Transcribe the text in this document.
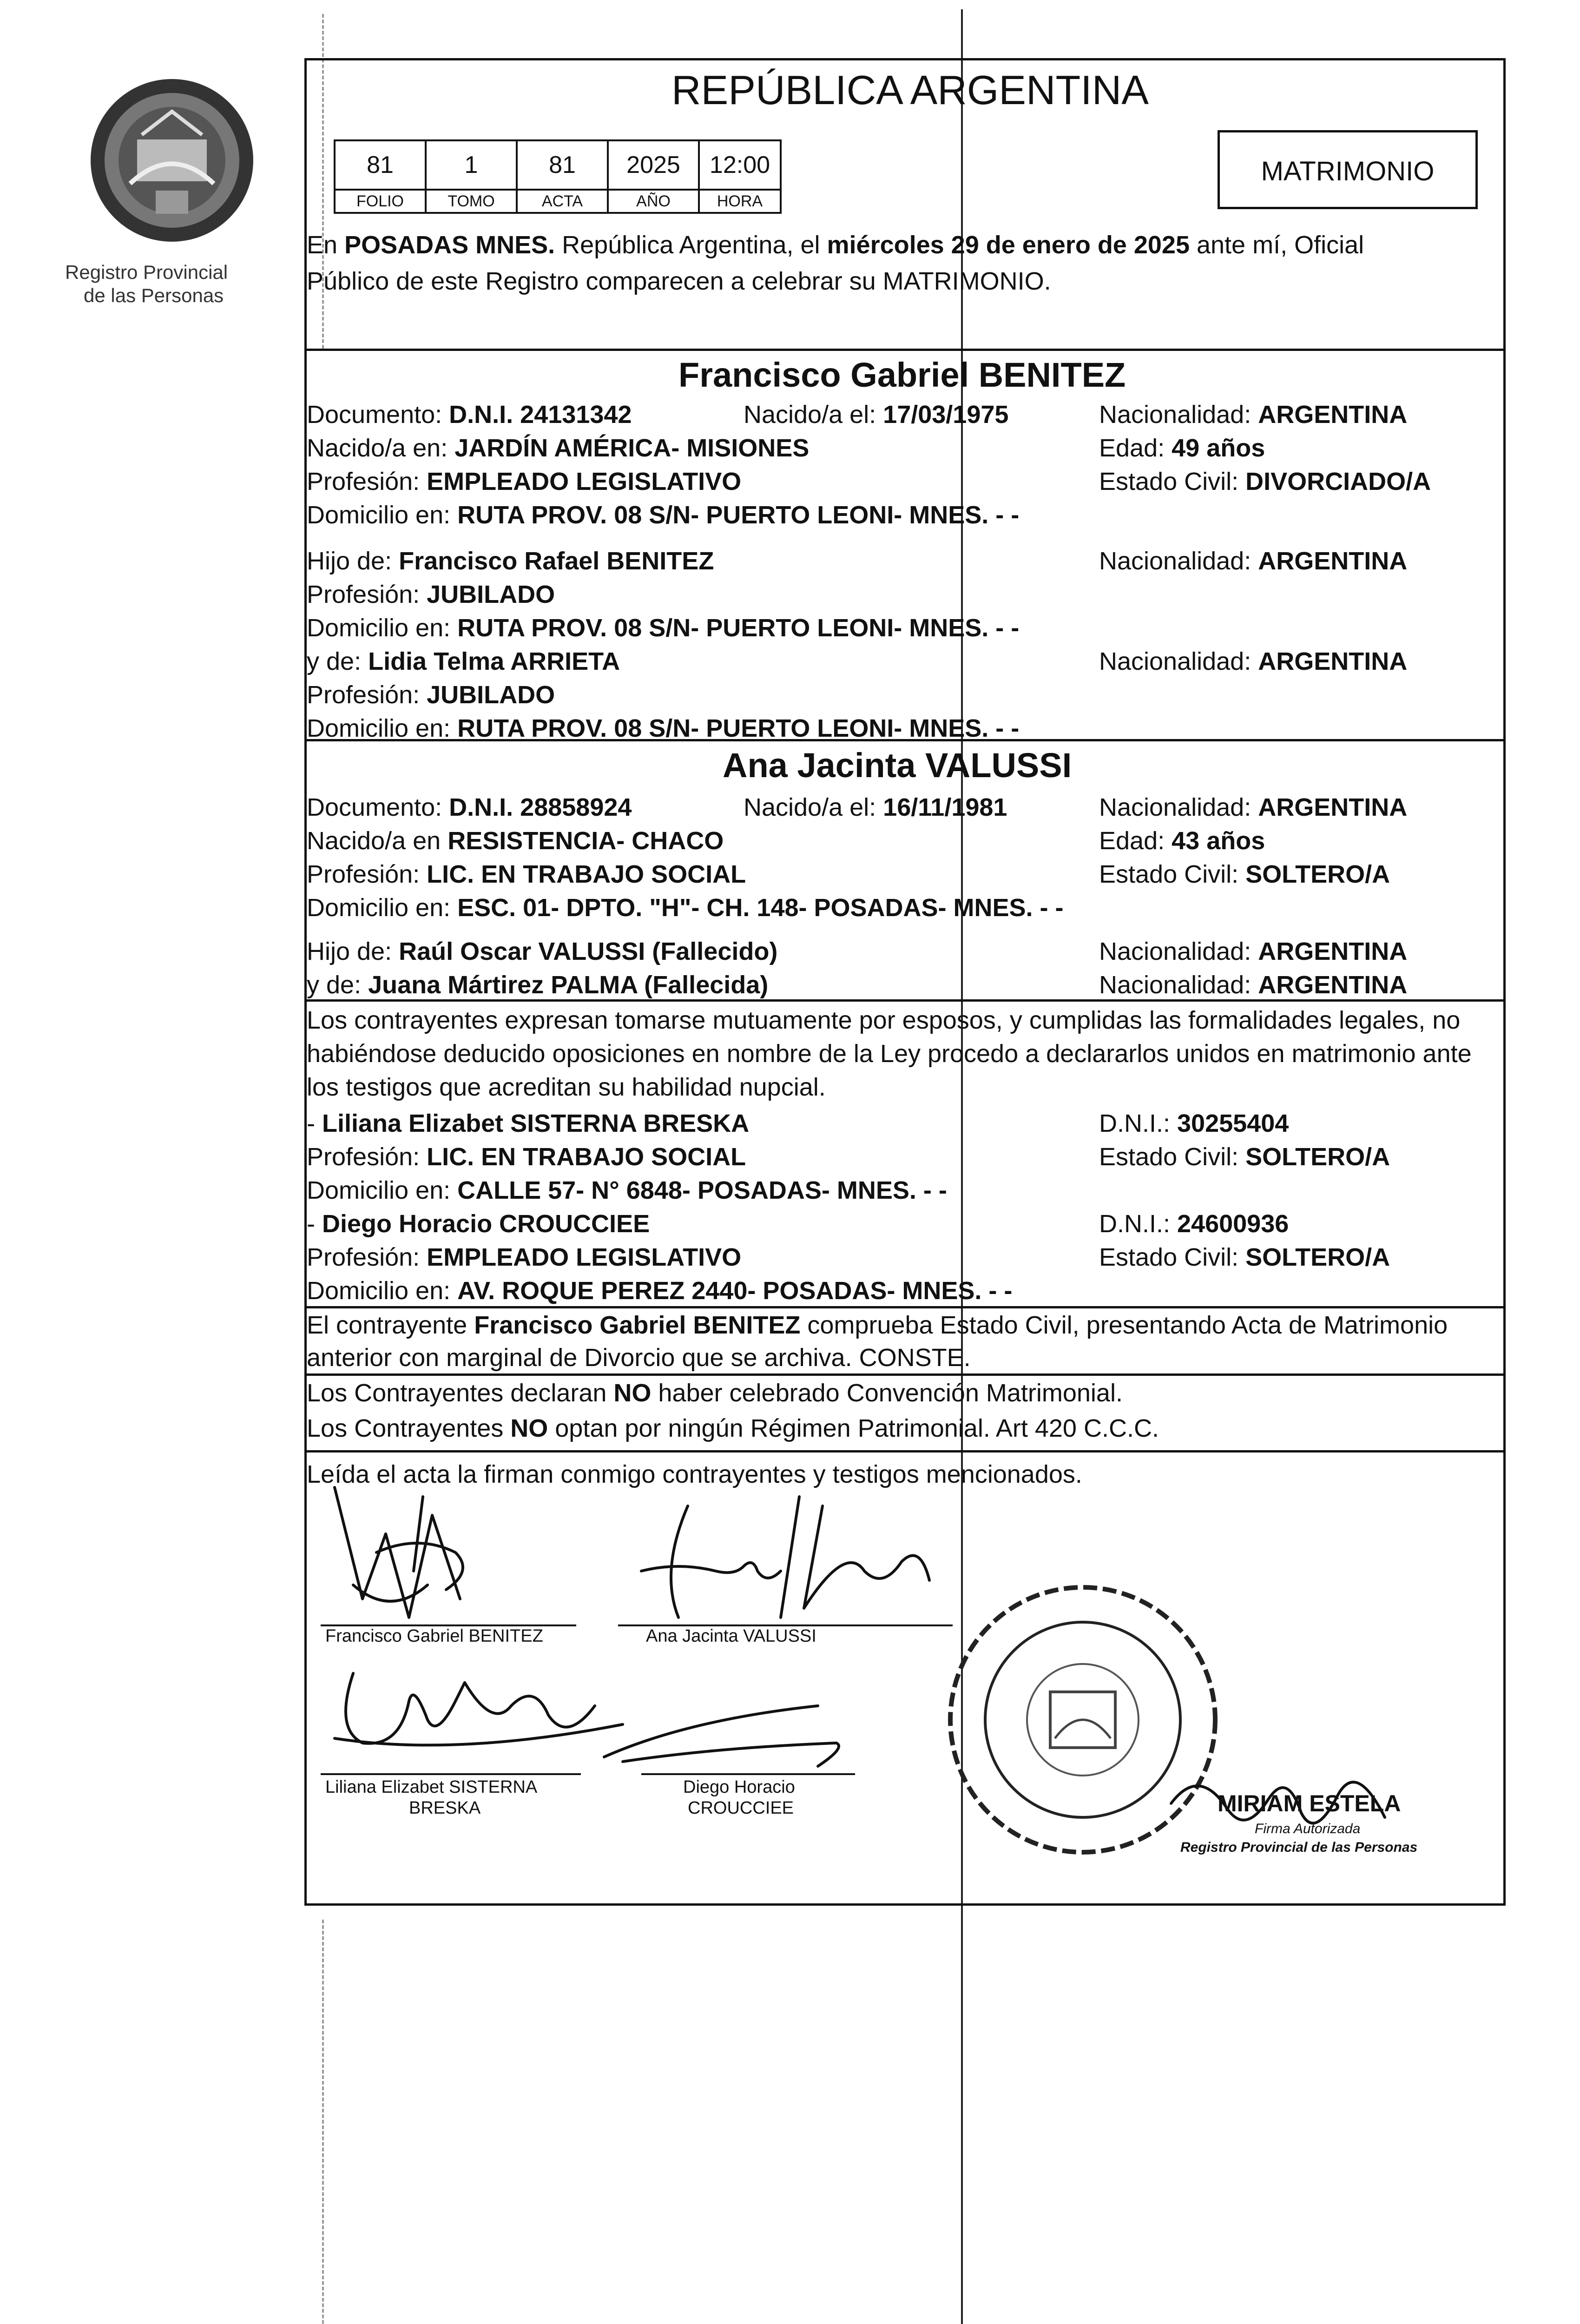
Registro Provincial
de las Personas
REPÚBLICA ARGENTINA
81	1	81	2025	12:00
FOLIO	TOMO	ACTA	AÑO	HORA
MATRIMONIO
En POSADAS MNES. República Argentina, el miércoles 29 de enero de 2025 ante mí, Oficial
Público de este Registro comparecen a celebrar su MATRIMONIO.
Francisco Gabriel BENITEZ
Documento: D.N.I. 24131342	Nacido/a el: 17/03/1975	Nacionalidad: ARGENTINA
Nacido/a en: JARDÍN AMÉRICA- MISIONES	Edad: 49 años
Profesión: EMPLEADO LEGISLATIVO	Estado Civil: DIVORCIADO/A
Domicilio en: RUTA PROV. 08 S/N- PUERTO LEONI- MNES. - -
Hijo de: Francisco Rafael BENITEZ	Nacionalidad: ARGENTINA
Profesión: JUBILADO
Domicilio en: RUTA PROV. 08 S/N- PUERTO LEONI- MNES. - -
y de: Lidia Telma ARRIETA	Nacionalidad: ARGENTINA
Profesión: JUBILADO
Domicilio en: RUTA PROV. 08 S/N- PUERTO LEONI- MNES. - -
Ana Jacinta VALUSSI
Documento: D.N.I. 28858924	Nacido/a el: 16/11/1981	Nacionalidad: ARGENTINA
Nacido/a en RESISTENCIA- CHACO	Edad: 43 años
Profesión: LIC. EN TRABAJO SOCIAL	Estado Civil: SOLTERO/A
Domicilio en: ESC. 01- DPTO. "H"- CH. 148- POSADAS- MNES. - -
Hijo de: Raúl Oscar VALUSSI (Fallecido)	Nacionalidad: ARGENTINA
y de: Juana Mártirez PALMA (Fallecida)	Nacionalidad: ARGENTINA
Los contrayentes expresan tomarse mutuamente por esposos, y cumplidas las formalidades legales, no
habiéndose deducido oposiciones en nombre de la Ley procedo a declararlos unidos en matrimonio ante
los testigos que acreditan su habilidad nupcial.
- Liliana Elizabet SISTERNA BRESKA	D.N.I.: 30255404
Profesión: LIC. EN TRABAJO SOCIAL	Estado Civil: SOLTERO/A
Domicilio en: CALLE 57- N° 6848- POSADAS- MNES. - -
- Diego Horacio CROUCCIEE	D.N.I.: 24600936
Profesión: EMPLEADO LEGISLATIVO	Estado Civil: SOLTERO/A
Domicilio en: AV. ROQUE PEREZ 2440- POSADAS- MNES. - -
El contrayente Francisco Gabriel BENITEZ comprueba Estado Civil, presentando Acta de Matrimonio
anterior con marginal de Divorcio que se archiva. CONSTE.
Los Contrayentes declaran NO haber celebrado Convención Matrimonial.
Los Contrayentes NO optan por ningún Régimen Patrimonial. Art 420 C.C.C.
Leída el acta la firman conmigo contrayentes y testigos mencionados.
Francisco Gabriel BENITEZ	Ana Jacinta VALUSSI
Liliana Elizabet SISTERNA
BRESKA
Diego Horacio
CROUCCIEE	MIRIAM ESTELA
Firma Autorizada
Registro Provincial de las Personas
